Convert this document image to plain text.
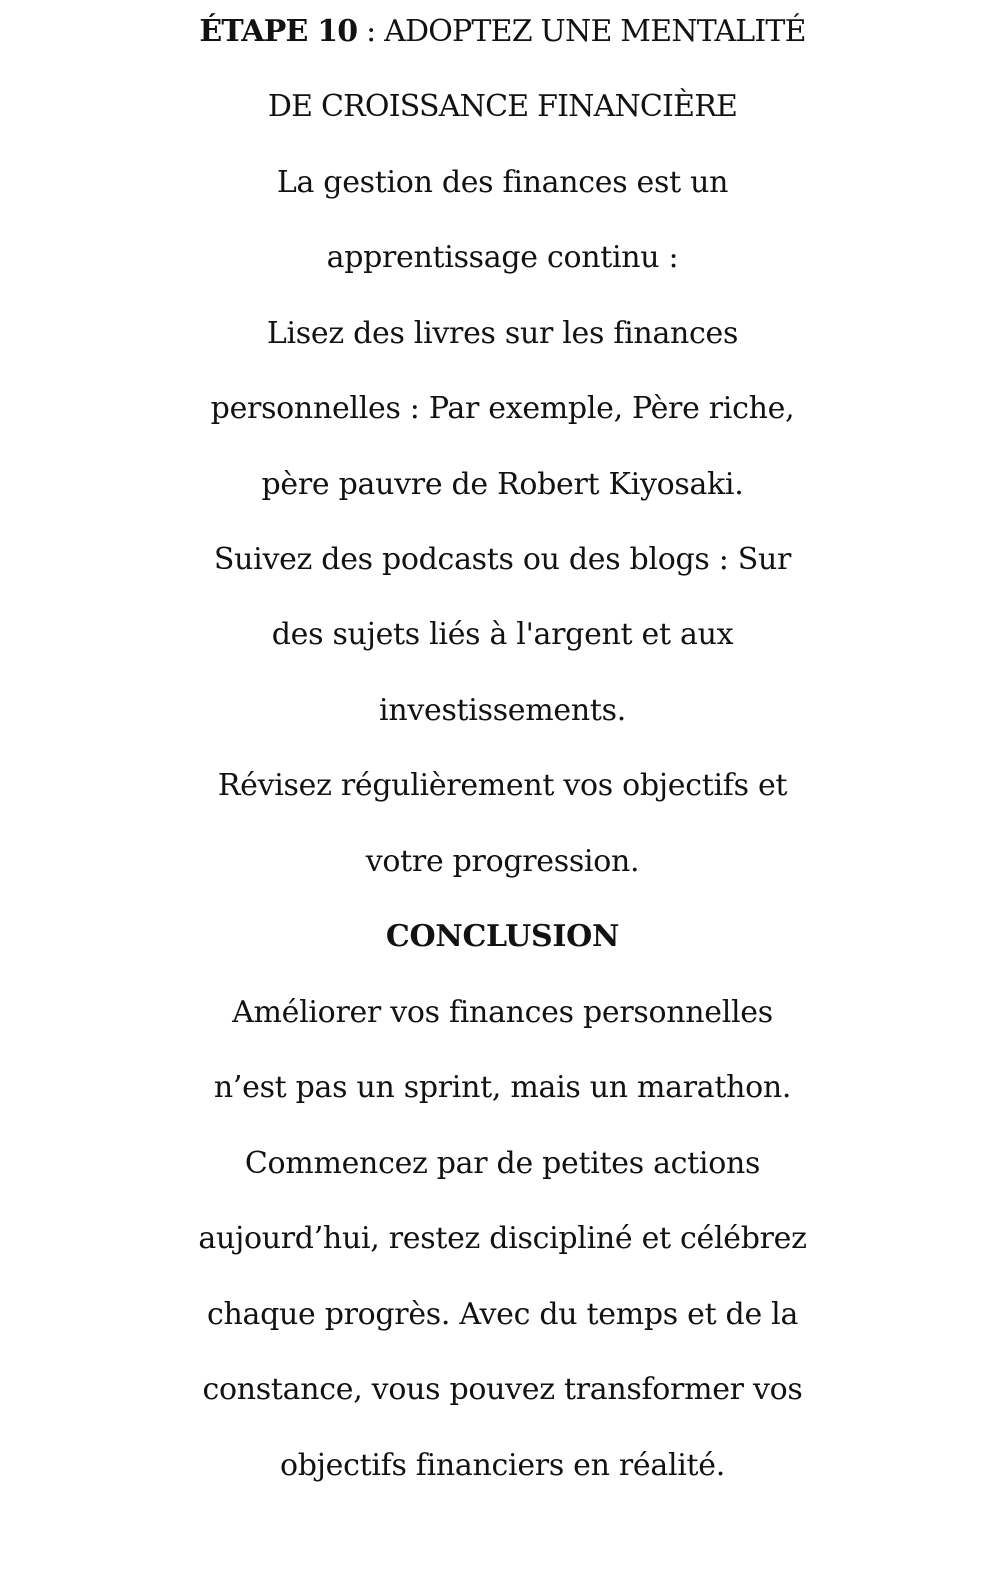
ÉTAPE 10 : ADOPTEZ UNE MENTALITÉ
DE CROISSANCE FINANCIÈRE
La gestion des finances est un
apprentissage continu :
Lisez des livres sur les finances
personnelles : Par exemple, Père riche,
père pauvre de Robert Kiyosaki.
Suivez des podcasts ou des blogs : Sur
des sujets liés à l'argent et aux
investissements.
Révisez régulièrement vos objectifs et
votre progression.
CONCLUSION
Améliorer vos finances personnelles
n’est pas un sprint, mais un marathon.
Commencez par de petites actions
aujourd’hui, restez discipliné et célébrez
chaque progrès. Avec du temps et de la
constance, vous pouvez transformer vos
objectifs financiers en réalité.
